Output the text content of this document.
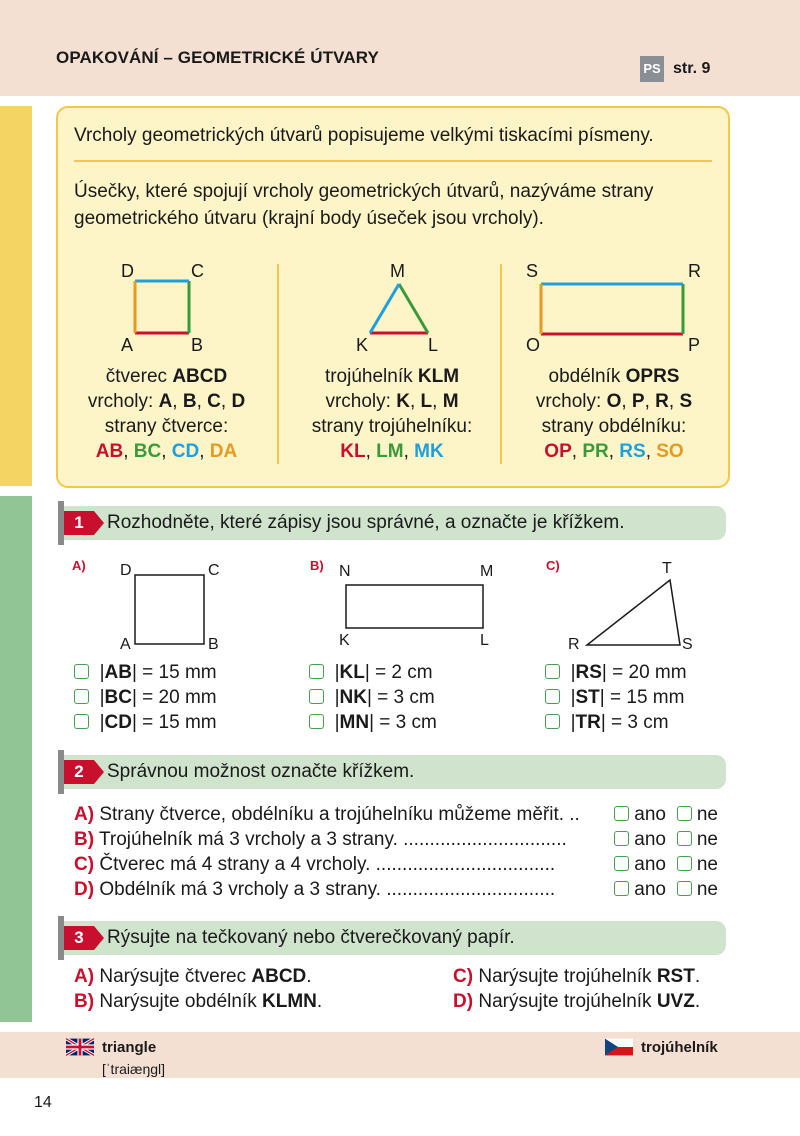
OPAKOVÁNÍ – GEOMETRICKÉ ÚTVARY
PS str. 9
Vrcholy geometrických útvarů popisujeme velkými tiskacími písmeny.
Úsečky, které spojují vrcholy geometrických útvarů, nazýváme strany
geometrického útvaru (krajní body úseček jsou vrcholy).
D	C
A	B
čtverec ABCD
vrcholy: A, B, C, D
strany čtverce:
AB, BC, CD, DA
M
K	L
trojúhelník KLM
vrcholy: K, L, M
strany trojúhelníku:
KL, LM, MK
S	R
O	P
obdélník OPRS
vrcholy: O, P, R, S
strany obdélníku:
OP, PR, RS, SO
1	Rozhodněte, které zápisy jsou správné, a označte je křížkem.
A)	B)	C)
D	C
A	B
N	M
K	L
T
R	S
|AB| = 15 mm
|BC| = 20 mm
|CD| = 15 mm
|KL| = 2 cm
|NK| = 3 cm
|MN| = 3 cm
|RS| = 20 mm
|ST| = 15 mm
|TR| = 3 cm
2	Správnou možnost označte křížkem.
A) Strany čtverce, obdélníku a trojúhelníku můžeme měřit. ..	ano ne
B) Trojúhelník má 3 vrcholy a 3 strany. ...............................	ano ne
C) Čtverec má 4 strany a 4 vrcholy. ..................................	ano ne
D) Obdélník má 3 vrcholy a 3 strany. ................................	ano ne
3	Rýsujte na tečkovaný nebo čtverečkovaný papír.
A) Narýsujte čtverec ABCD.
B) Narýsujte obdélník KLMN.
C) Narýsujte trojúhelník RST.
D) Narýsujte trojúhelník UVZ.
triangle
[ˈtraiæŋgl]
trojúhelník
14
